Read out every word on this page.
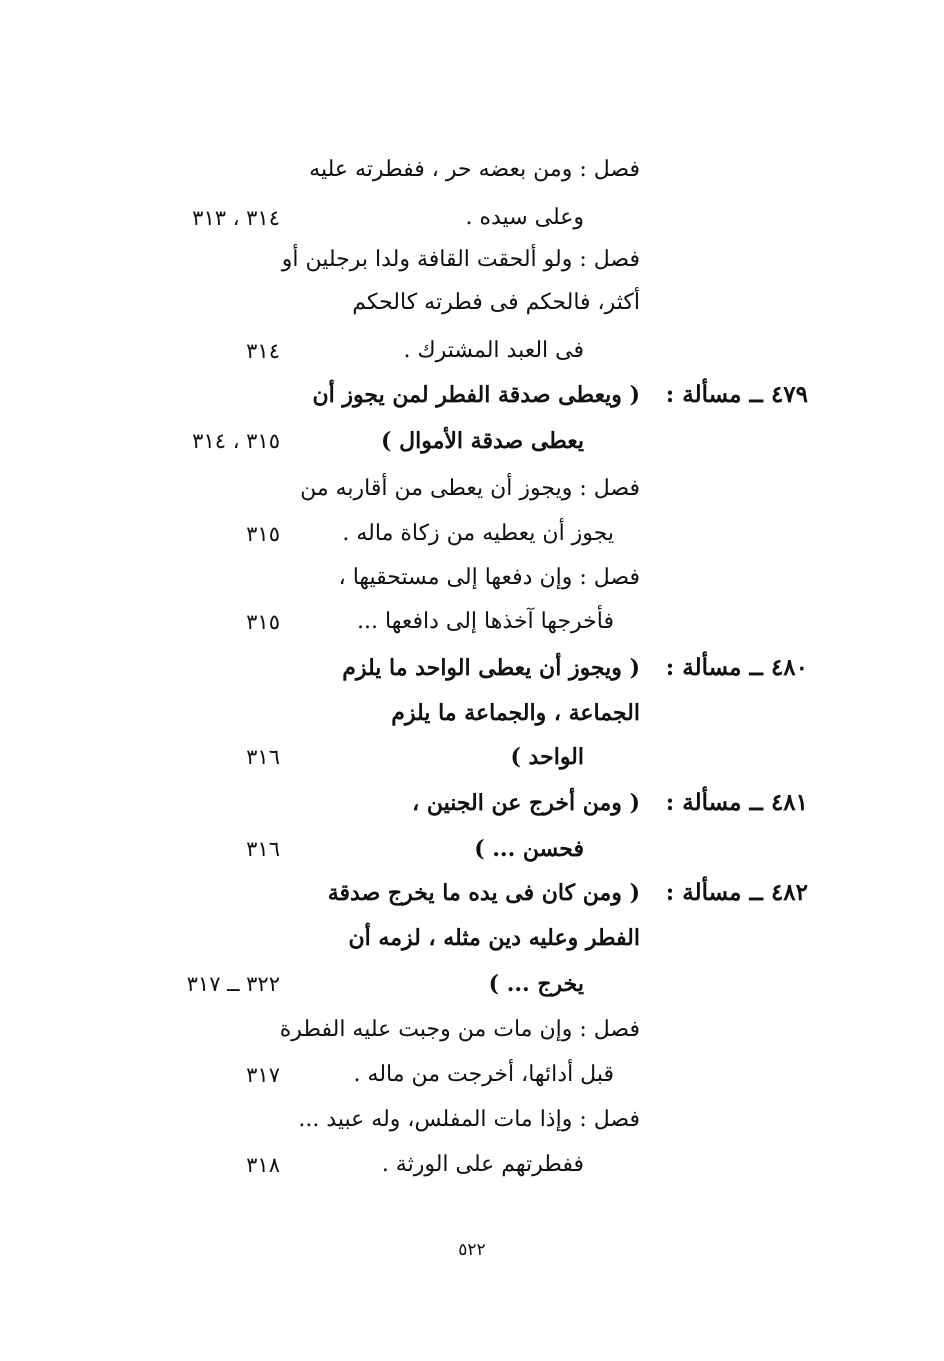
فصل : ومن بعضه حر ، ففطرته عليه
وعلى سيده .
٣١٤ ، ٣١٣
فصل : ولو ألحقت القافة ولدا برجلين أو
أكثر، فالحكم فى فطرته كالحكم
فى العبد المشترك .
٣١٤
٤٧٩ ــ مسألة :
( ويعطى صدقة الفطر لمن يجوز أن
يعطى صدقة الأموال )
٣١٥ ، ٣١٤
فصل : ويجوز أن يعطى من أقاربه من
يجوز أن يعطيه من زكاة ماله .
٣١٥
فصل : وإن دفعها إلى مستحقيها ،
فأخرجها آخذها إلى دافعها ...
٣١٥
٤٨٠ ــ مسألة :
( ويجوز أن يعطى الواحد ما يلزم
الجماعة ، والجماعة ما يلزم
الواحد )
٣١٦
٤٨١ ــ مسألة :
( ومن أخرج عن الجنين ،
فحسن ... )
٣١٦
٤٨٢ ــ مسألة :
( ومن كان فى يده ما يخرج صدقة
الفطر وعليه دين مثله ، لزمه أن
يخرج ... )
٣٢٢ ــ ٣١٧
فصل : وإن مات من وجبت عليه الفطرة
قبل أدائها، أخرجت من ماله .
٣١٧
فصل : وإذا مات المفلس، وله عبيد ...
ففطرتهم على الورثة .
٣١٨
٥٢٢
